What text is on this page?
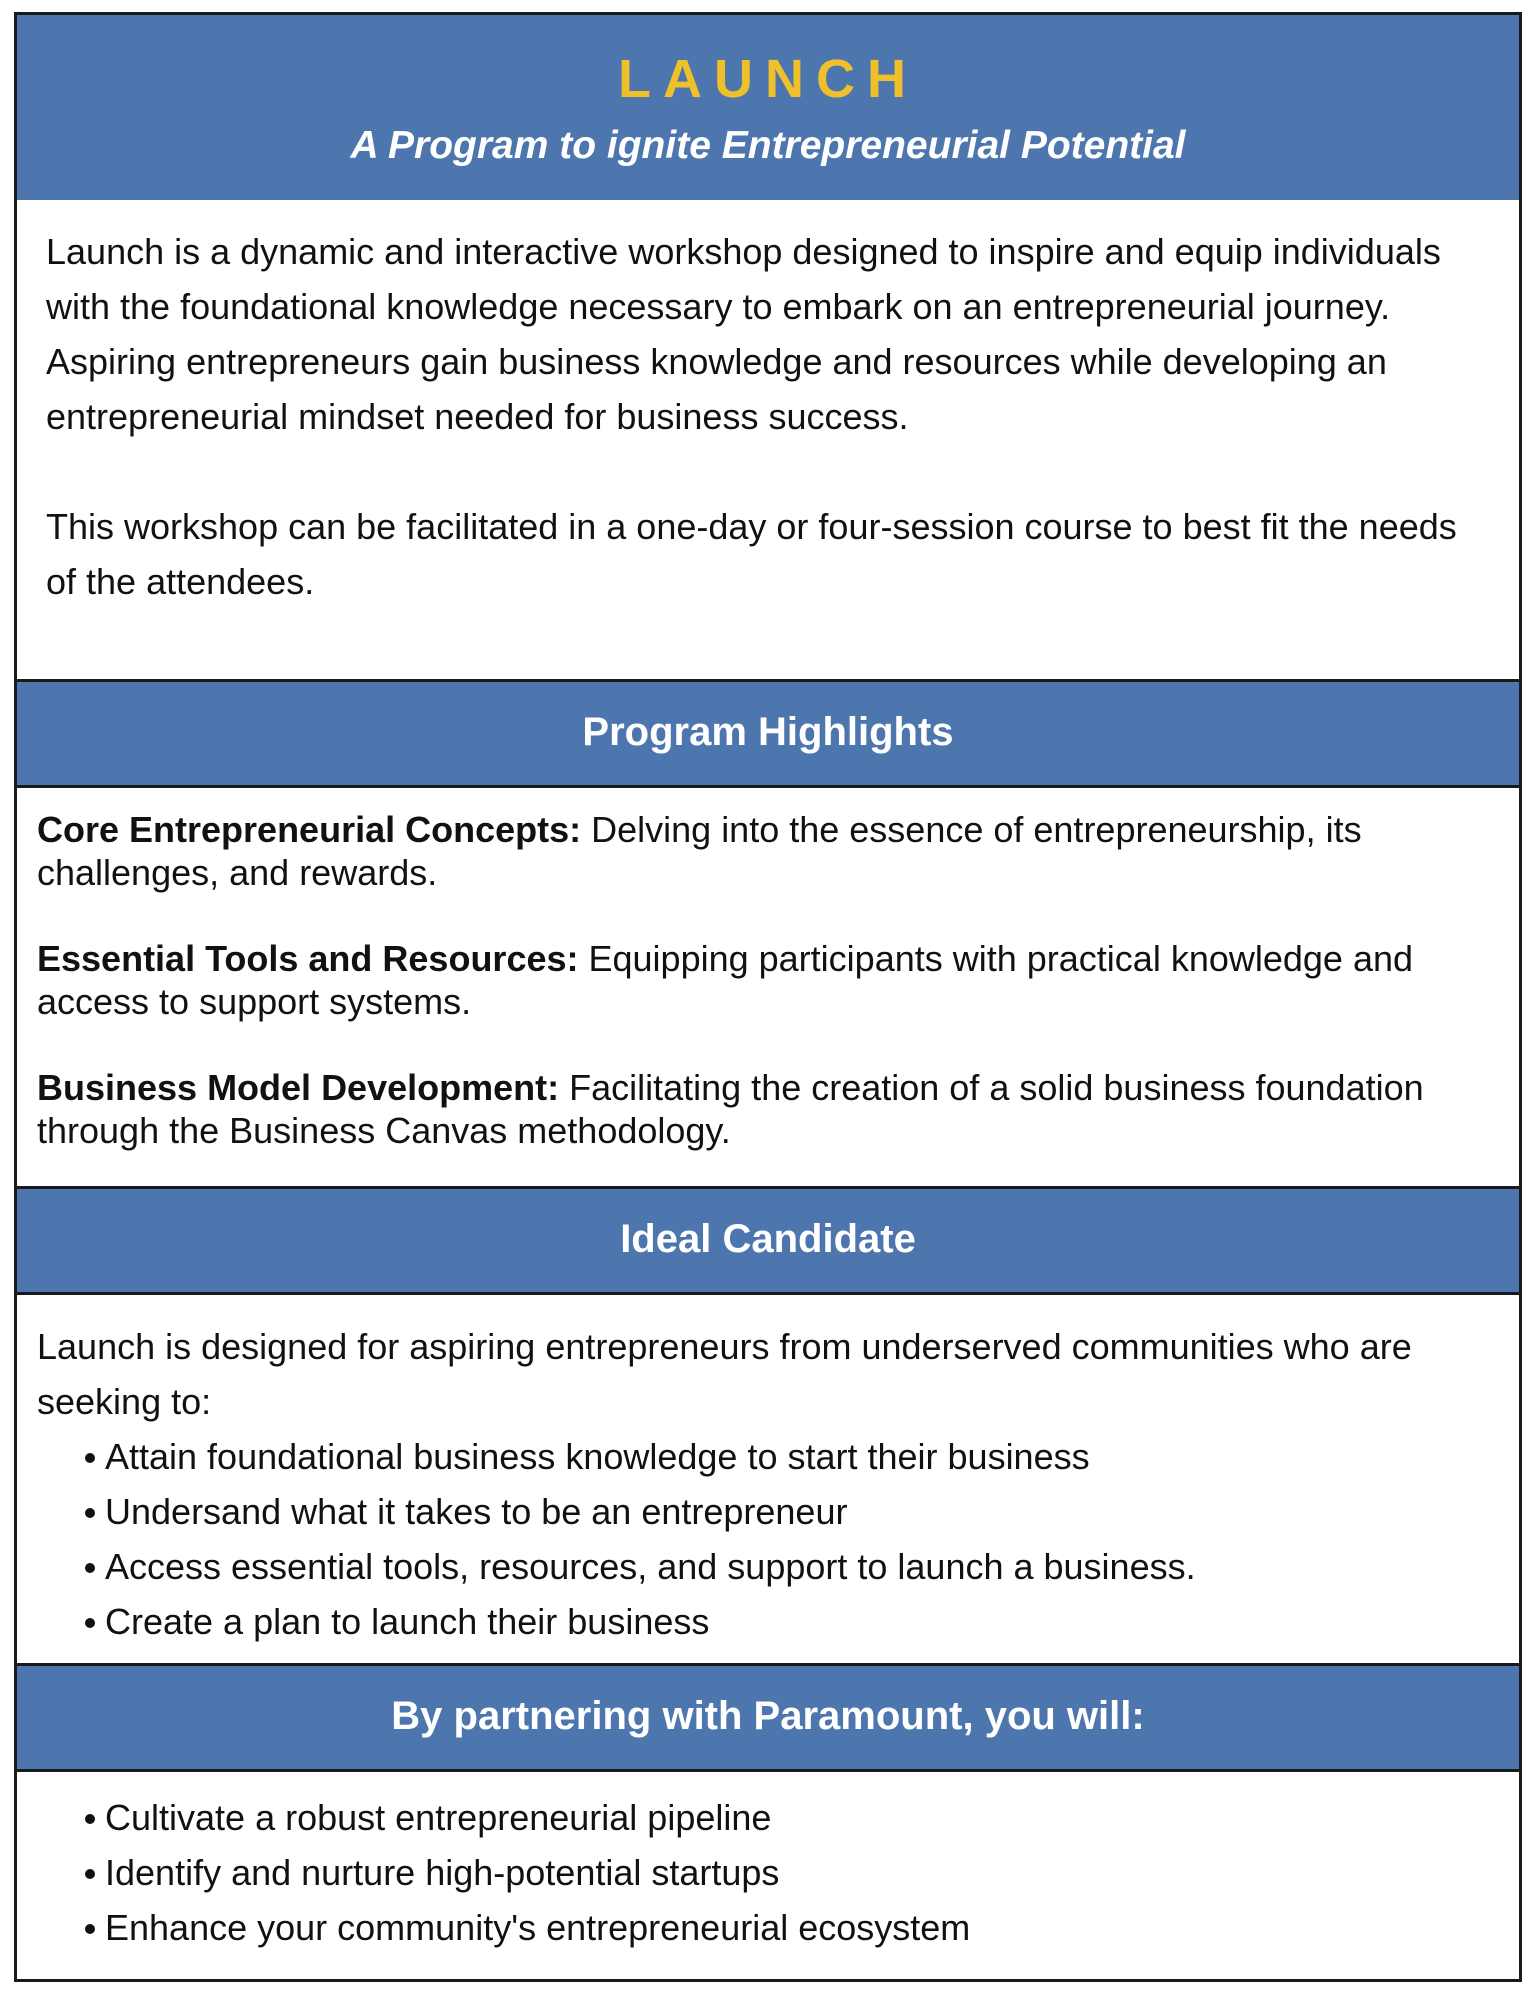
LAUNCH
A Program to ignite Entrepreneurial Potential

Launch is a dynamic and interactive workshop designed to inspire and equip individuals with the foundational knowledge necessary to embark on an entrepreneurial journey. Aspiring entrepreneurs gain business knowledge and resources while developing an entrepreneurial mindset needed for business success.

This workshop can be facilitated in a one-day or four-session course to best fit the needs of the attendees.

Program Highlights

Core Entrepreneurial Concepts: Delving into the essence of entrepreneurship, its challenges, and rewards.

Essential Tools and Resources: Equipping participants with practical knowledge and access to support systems.

Business Model Development: Facilitating the creation of a solid business foundation through the Business Canvas methodology.

Ideal Candidate

Launch is designed for aspiring entrepreneurs from underserved communities who are seeking to:

Attain foundational business knowledge to start their business
Undersand what it takes to be an entrepreneur
Access essential tools, resources, and support to launch a business.
Create a plan to launch their business
By partnering with Paramount, you will:
Cultivate a robust entrepreneurial pipeline
Identify and nurture high-potential startups
Enhance your community's entrepreneurial ecosystem
